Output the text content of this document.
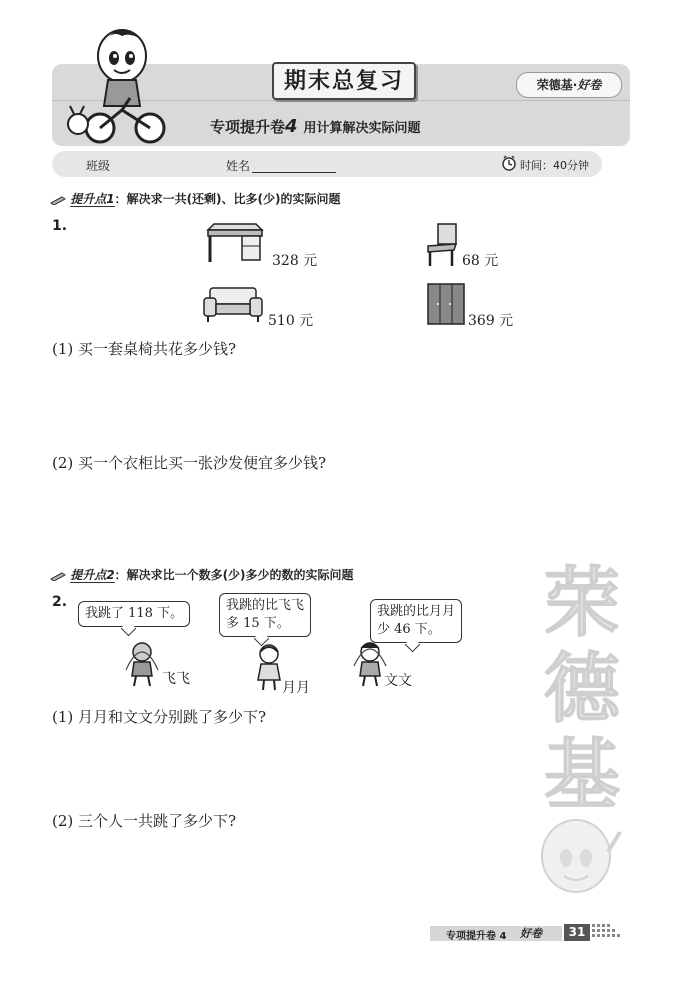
期末总复习	荣德基·好卷
专项提升卷4 用计算解决实际问题
班级	姓名	时间：40分钟
提升点1：解决求一共(还剩)、比多(少)的实际问题
1.
328 元	68 元
510 元	369 元
(1) 买一套桌椅共花多少钱?
(2) 买一个衣柜比买一张沙发便宜多少钱?
提升点2：解决求比一个数多(少)多少的数的实际问题
2.
我跳了 118 下。
飞飞
我跳的比飞飞
多 15 下。
月月
我跳的比月月
少 46 下。
文文
(1) 月月和文文分别跳了多少下?
(2) 三个人一共跳了多少下?
荣
德
基
专项提升卷 4 好卷	31
